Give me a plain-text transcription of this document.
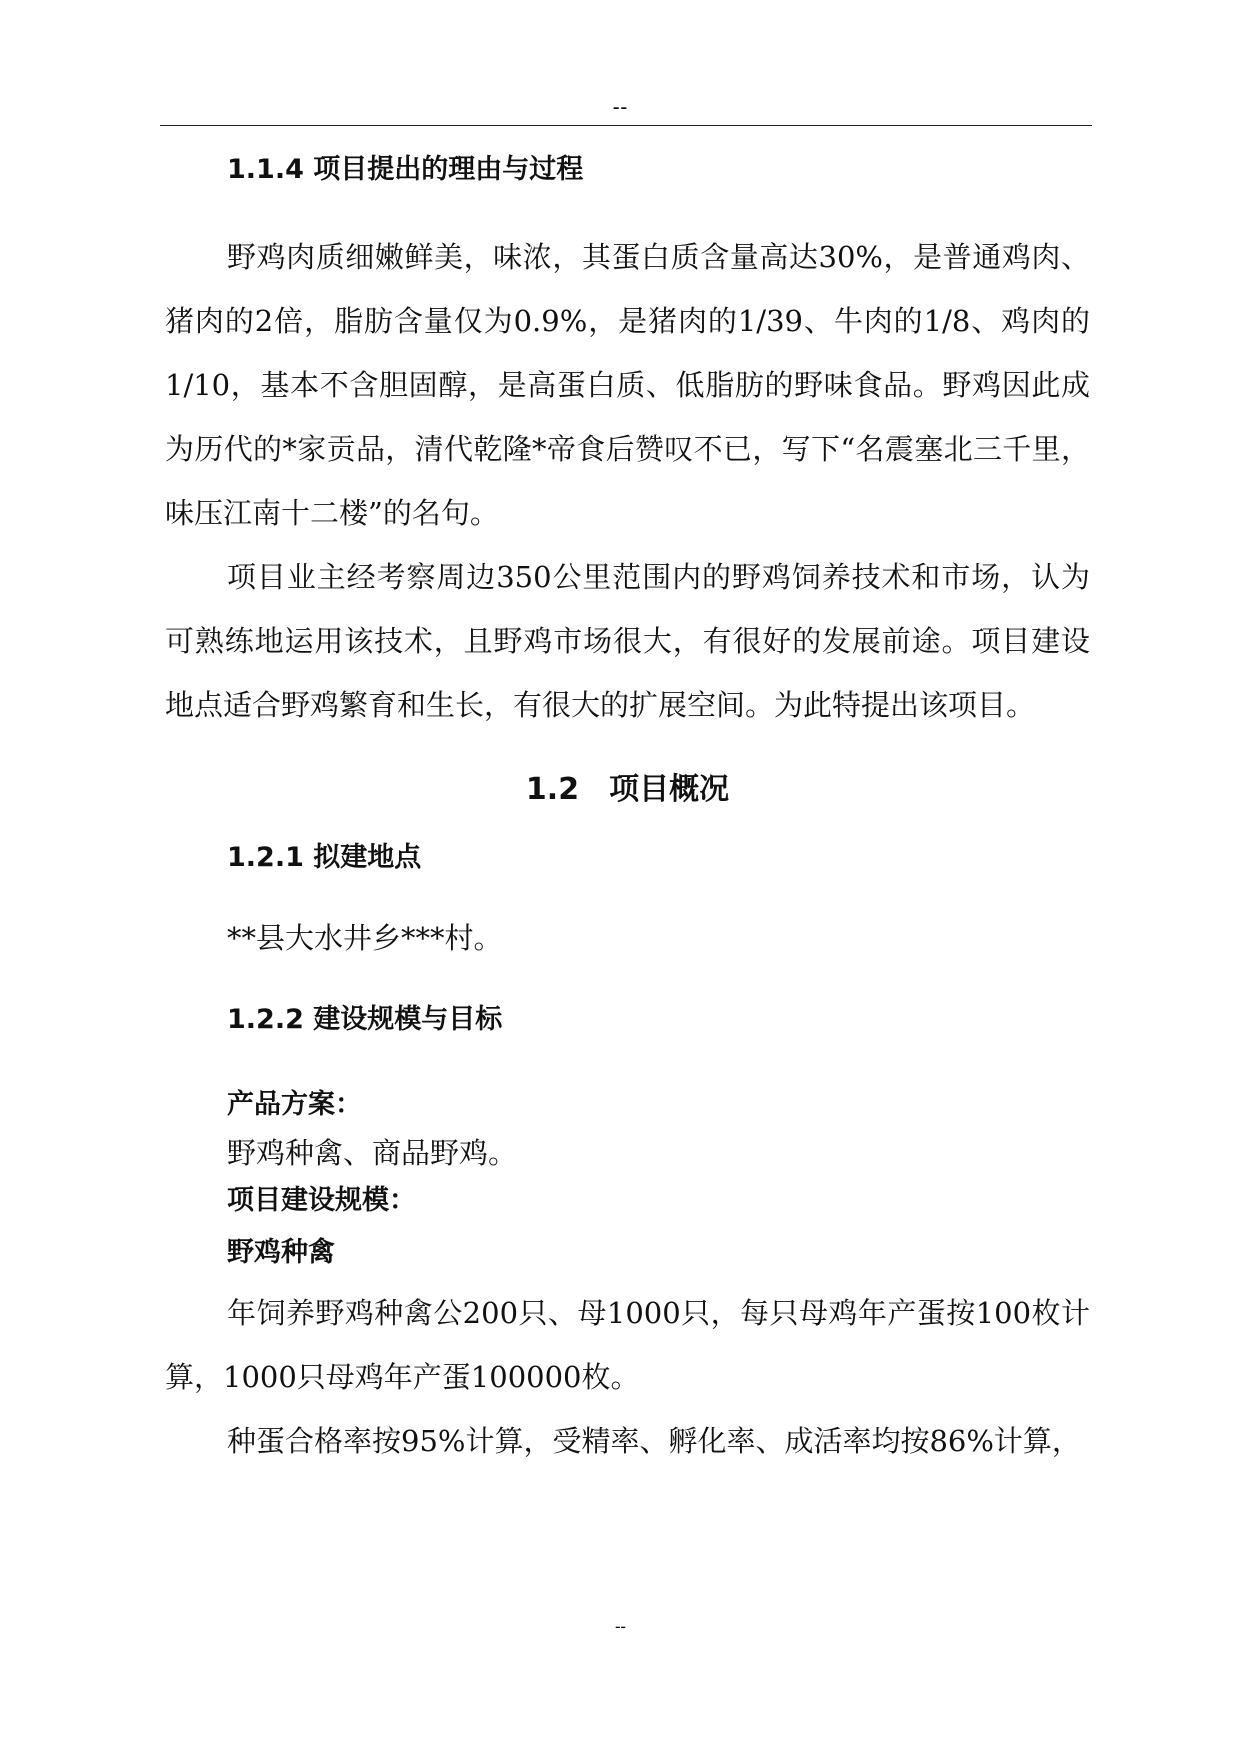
--
1.1.4 项目提出的理由与过程

野鸡肉质细嫩鲜美，味浓，其蛋白质含量高达30%，是普通鸡肉、猪肉的2倍，脂肪含量仅为0.9%，是猪肉的1/39、牛肉的1/8、鸡肉的1/10，基本不含胆固醇，是高蛋白质、低脂肪的野味食品。野鸡因此成为历代的*家贡品，清代乾隆*帝食后赞叹不已，写下“名震塞北三千里，味压江南十二楼”的名句。

项目业主经考察周边350公里范围内的野鸡饲养技术和市场，认为可熟练地运用该技术，且野鸡市场很大，有很好的发展前途。项目建设地点适合野鸡繁育和生长，有很大的扩展空间。为此特提出该项目。

1.2　项目概况
1.2.1 拟建地点
**县大水井乡***村。
1.2.2 建设规模与目标
产品方案：
野鸡种禽、商品野鸡。
项目建设规模：
野鸡种禽

年饲养野鸡种禽公200只、母1000只，每只母鸡年产蛋按100枚计算，1000只母鸡年产蛋100000枚。

种蛋合格率按95%计算，受精率、孵化率、成活率均按86%计算，

--
